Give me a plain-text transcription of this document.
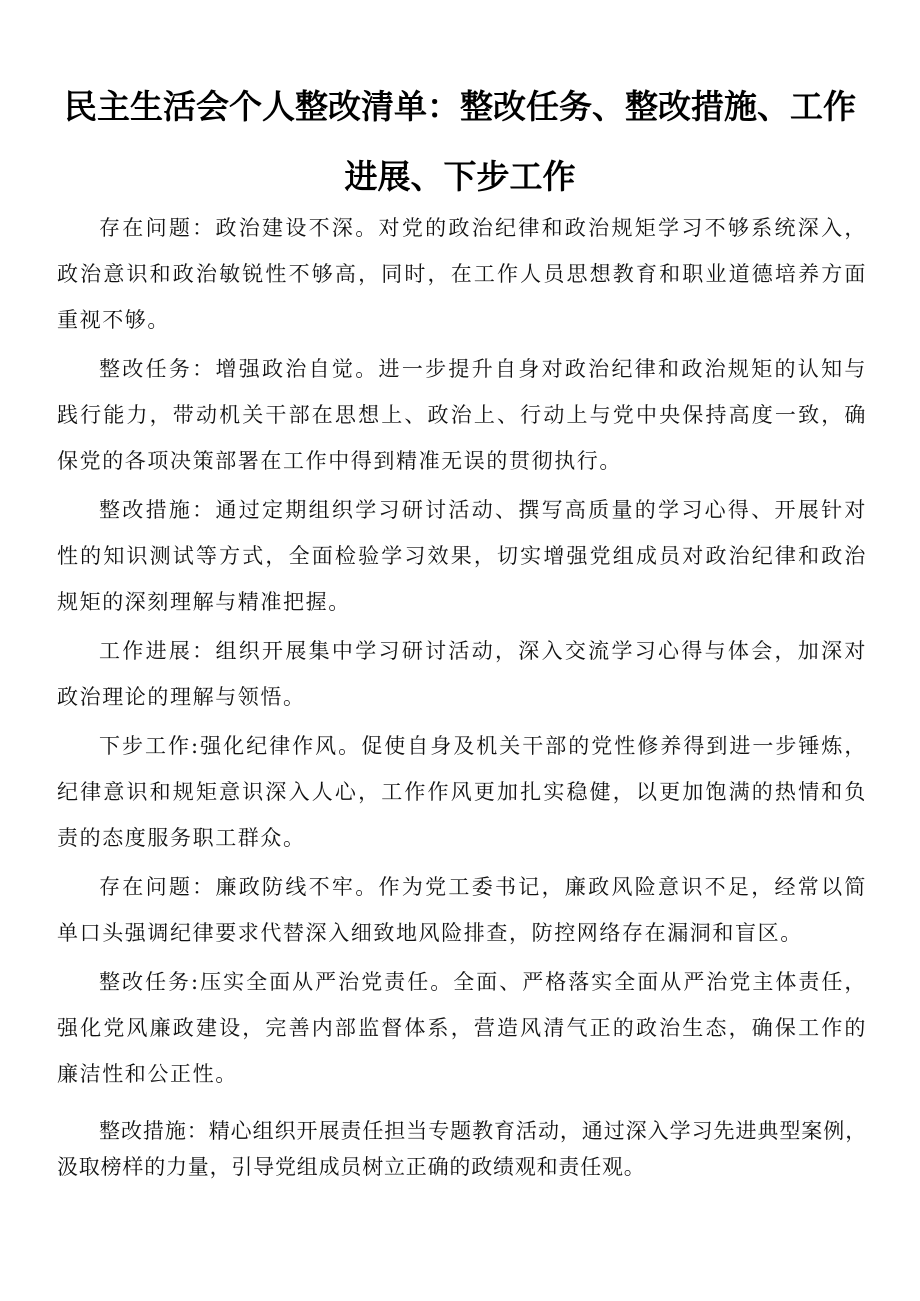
民主生活会个人整改清单：整改任务、整改措施、工作进展、下步工作

存在问题：政治建设不深。对党的政治纪律和政治规矩学习不够系统深入，政治意识和政治敏锐性不够高，同时，在工作人员思想教育和职业道德培养方面重视不够。

整改任务：增强政治自觉。进一步提升自身对政治纪律和政治规矩的认知与践行能力，带动机关干部在思想上、政治上、行动上与党中央保持高度一致，确保党的各项决策部署在工作中得到精准无误的贯彻执行。

整改措施：通过定期组织学习研讨活动、撰写高质量的学习心得、开展针对性的知识测试等方式，全面检验学习效果，切实增强党组成员对政治纪律和政治规矩的深刻理解与精准把握。

工作进展：组织开展集中学习研讨活动，深入交流学习心得与体会，加深对政治理论的理解与领悟。

下步工作:强化纪律作风。促使自身及机关干部的党性修养得到进一步锤炼，纪律意识和规矩意识深入人心，工作作风更加扎实稳健，以更加饱满的热情和负责的态度服务职工群众。

存在问题：廉政防线不牢。作为党工委书记，廉政风险意识不足，经常以简单口头强调纪律要求代替深入细致地风险排查，防控网络存在漏洞和盲区。

整改任务:压实全面从严治党责任。全面、严格落实全面从严治党主体责任，强化党风廉政建设，完善内部监督体系，营造风清气正的政治生态，确保工作的廉洁性和公正性。

整改措施：精心组织开展责任担当专题教育活动，通过深入学习先进典型案例，汲取榜样的力量，引导党组成员树立正确的政绩观和责任观。
